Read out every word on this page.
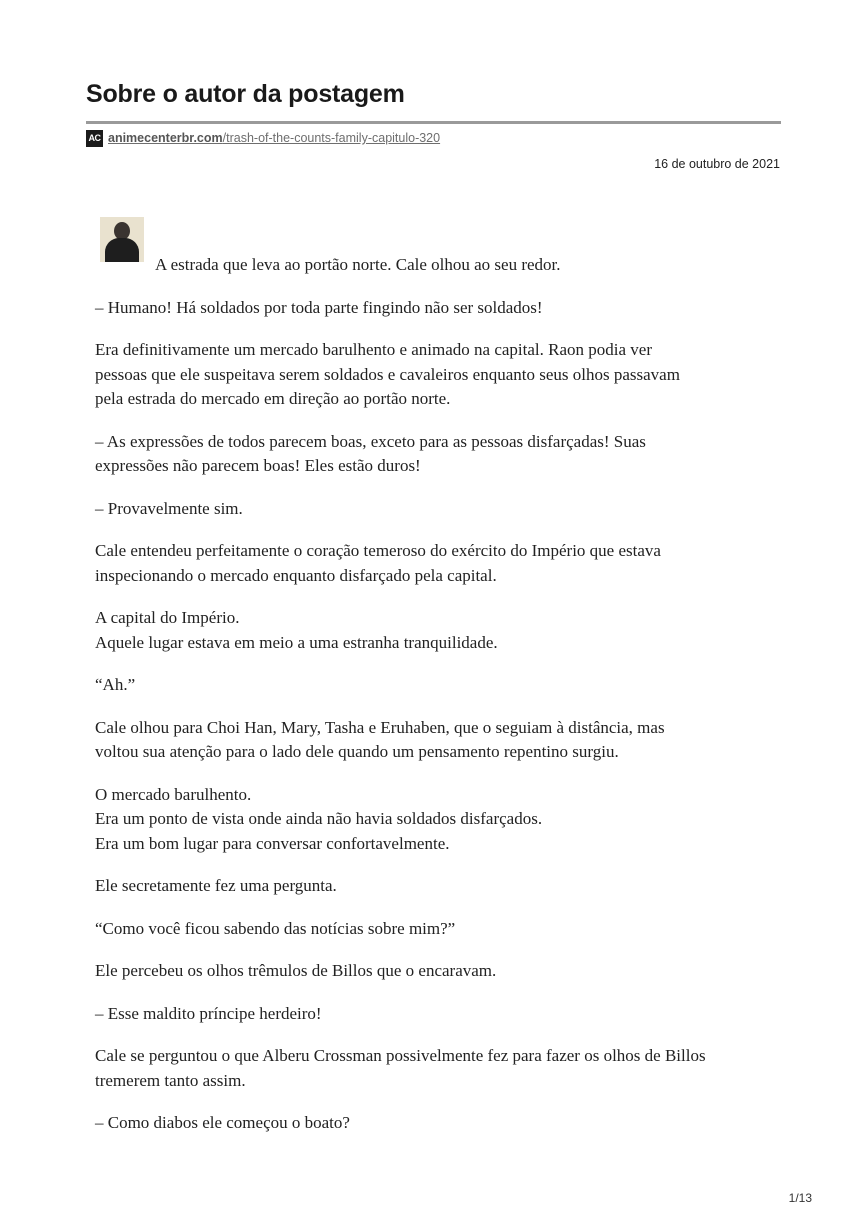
Sobre o autor da postagem
AC animecenterbr.com/trash-of-the-counts-family-capitulo-320
16 de outubro de 2021

A estrada que leva ao portão norte. Cale olhou ao seu redor.

– Humano! Há soldados por toda parte fingindo não ser soldados!

Era definitivamente um mercado barulhento e animado na capital. Raon podia ver
pessoas que ele suspeitava serem soldados e cavaleiros enquanto seus olhos passavam
pela estrada do mercado em direção ao portão norte.

– As expressões de todos parecem boas, exceto para as pessoas disfarçadas! Suas
expressões não parecem boas! Eles estão duros!

– Provavelmente sim.

Cale entendeu perfeitamente o coração temeroso do exército do Império que estava
inspecionando o mercado enquanto disfarçado pela capital.

A capital do Império.
Aquele lugar estava em meio a uma estranha tranquilidade.

“Ah.”

Cale olhou para Choi Han, Mary, Tasha e Eruhaben, que o seguiam à distância, mas
voltou sua atenção para o lado dele quando um pensamento repentino surgiu.

O mercado barulhento.
Era um ponto de vista onde ainda não havia soldados disfarçados.
Era um bom lugar para conversar confortavelmente.

Ele secretamente fez uma pergunta.

“Como você ficou sabendo das notícias sobre mim?”

Ele percebeu os olhos trêmulos de Billos que o encaravam.

– Esse maldito príncipe herdeiro!

Cale se perguntou o que Alberu Crossman possivelmente fez para fazer os olhos de Billos
tremerem tanto assim.

– Como diabos ele começou o boato?

1/13
